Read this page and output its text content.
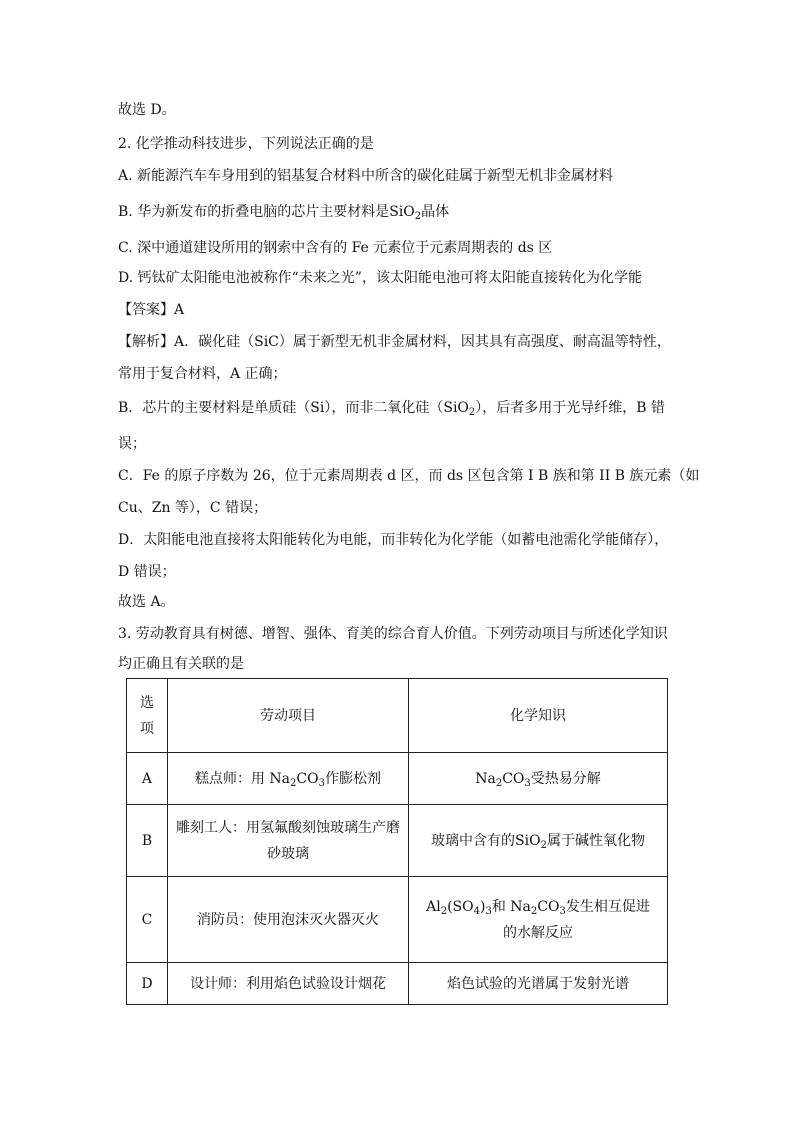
故选 D。
2. 化学推动科技进步，下列说法正确的是
A. 新能源汽车车身用到的铝基复合材料中所含的碳化硅属于新型无机非金属材料
B. 华为新发布的折叠电脑的芯片主要材料是SiO$_2$晶体
C. 深中通道建设所用的钢索中含有的 Fe 元素位于元素周期表的 ds 区
D. 钙钛矿太阳能电池被称作“未来之光”，该太阳能电池可将太阳能直接转化为化学能
【答案】A
【解析】A．碳化硅（SiC）属于新型无机非金属材料，因其具有高强度、耐高温等特性，
常用于复合材料，A 正确；
B．芯片的主要材料是单质硅（Si），而非二氧化硅（SiO$_2$），后者多用于光导纤维，B 错
误；
C．Fe 的原子序数为 26，位于元素周期表 d 区，而 ds 区包含第 I B 族和第 II B 族元素（如
Cu、Zn 等），C 错误；
D．太阳能电池直接将太阳能转化为电能，而非转化为化学能（如蓄电池需化学能储存），
D 错误；
故选 A。
3. 劳动教育具有树德、增智、强体、育美的综合育人价值。下列劳动项目与所述化学知识
均正确且有关联的是
选
项	劳动项目	化学知识
A	糕点师：用 $Na_2CO_3$作膨松剂	$Na_2CO_3$受热易分解
B	雕刻工人：用氢氟酸刻蚀玻璃生产磨
砂玻璃	玻璃中含有的SiO$_2$属于碱性氧化物
C	消防员：使用泡沫灭火器灭火	$Al_2(SO_4)_3$和 $Na_2CO_3$发生相互促进
的水解反应

D	设计师：利用焰色试验设计烟花	焰色试验的光谱属于发射光谱
